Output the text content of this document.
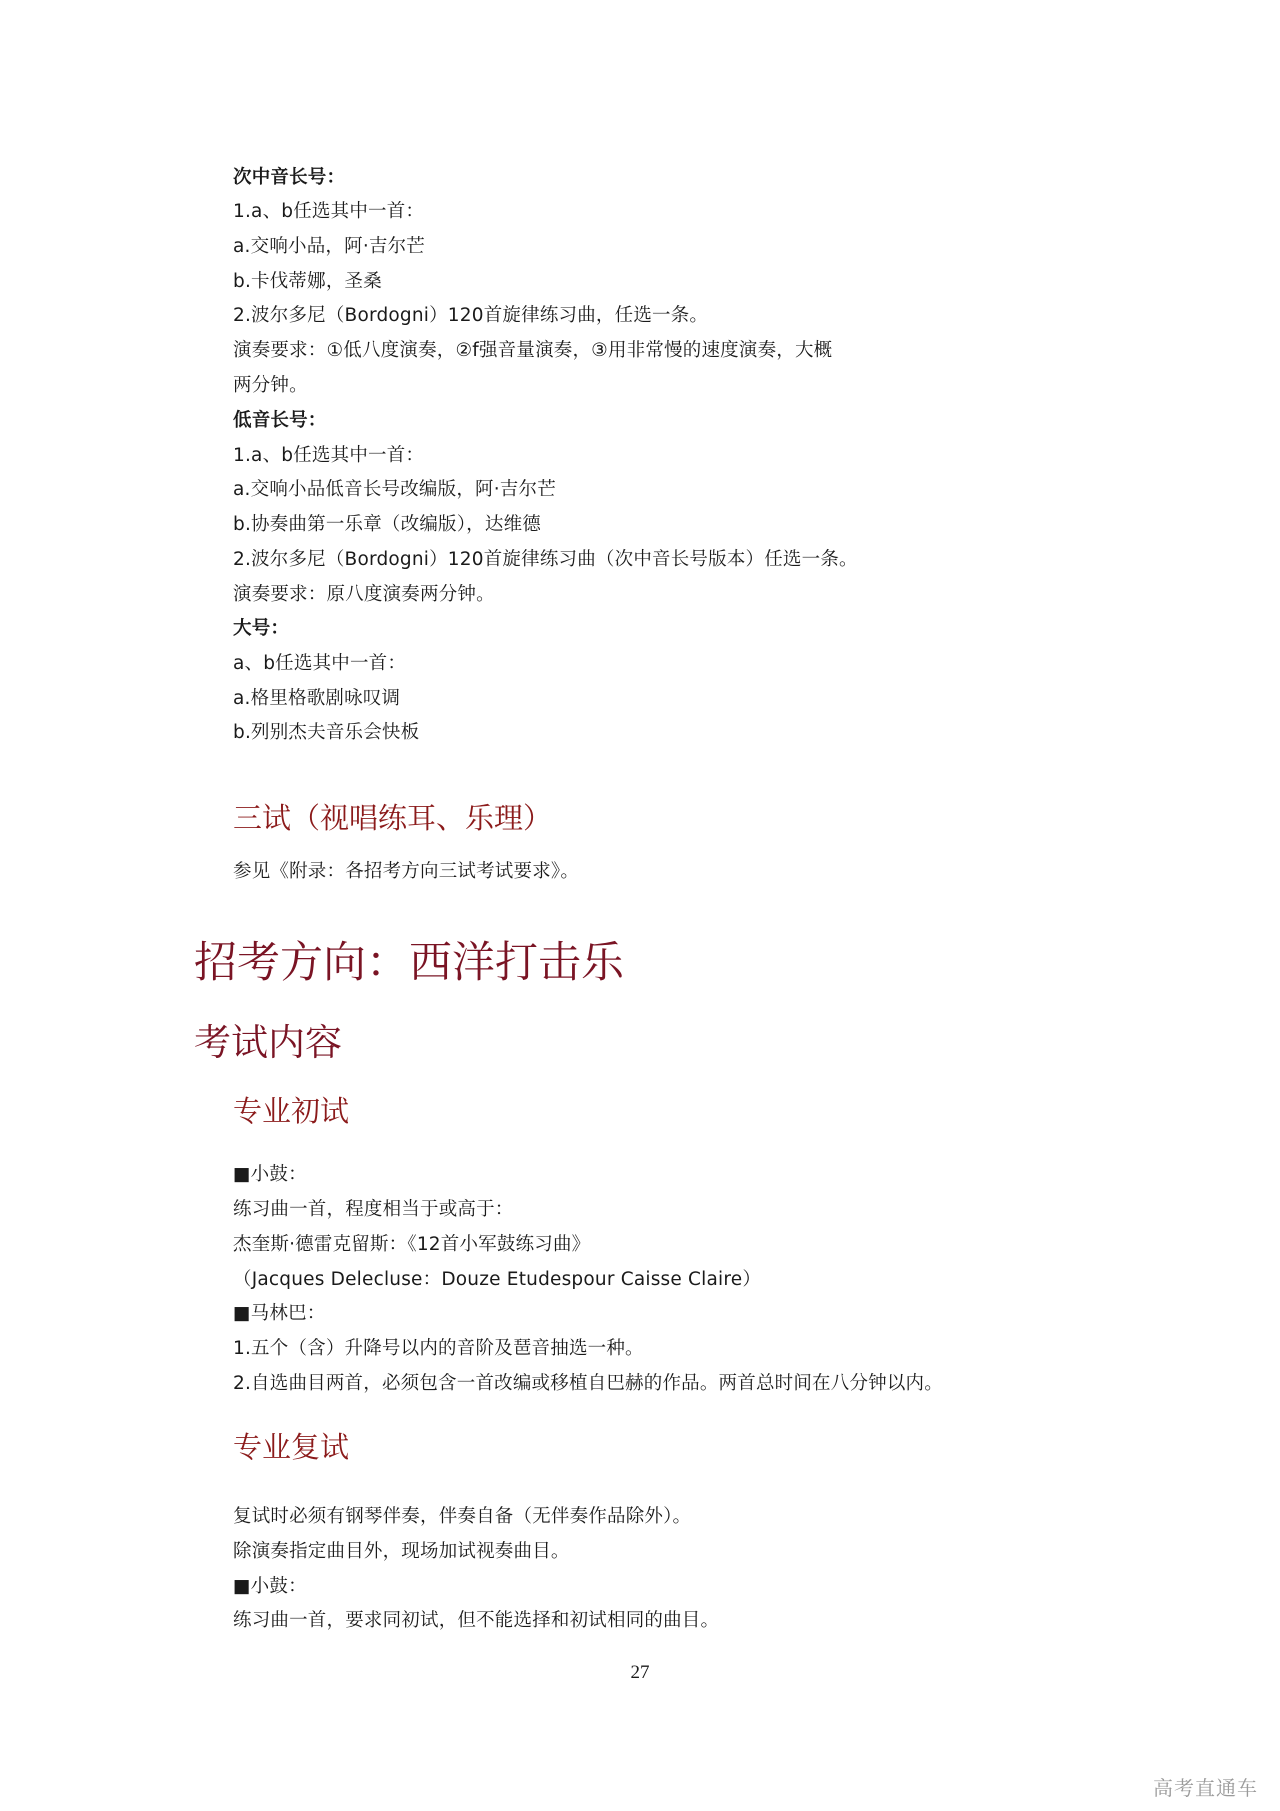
次中音长号：
1.a、b任选其中一首：
a.交响小品，阿·吉尔芒
b.卡伐蒂娜，圣桑
2.波尔多尼（Bordogni）120首旋律练习曲，任选一条。
演奏要求：①低八度演奏，②f强音量演奏，③用非常慢的速度演奏，大概
两分钟。
低音长号：
1.a、b任选其中一首：
a.交响小品低音长号改编版，阿·吉尔芒
b.协奏曲第一乐章（改编版），达维德
2.波尔多尼（Bordogni）120首旋律练习曲（次中音长号版本）任选一条。
演奏要求：原八度演奏两分钟。
大号：
a、b任选其中一首：
a.格里格歌剧咏叹调
b.列别杰夫音乐会快板
三试（视唱练耳、乐理）
参见《附录：各招考方向三试考试要求》。
招考方向：西洋打击乐
考试内容
专业初试
■小鼓：
练习曲一首，程度相当于或高于：
杰奎斯·德雷克留斯：《12首小军鼓练习曲》
（Jacques Delecluse：Douze Etudespour Caisse Claire）
■马林巴：
1.五个（含）升降号以内的音阶及琶音抽选一种。
2.自选曲目两首，必须包含一首改编或移植自巴赫的作品。两首总时间在八分钟以内。
专业复试
复试时必须有钢琴伴奏，伴奏自备（无伴奏作品除外）。
除演奏指定曲目外，现场加试视奏曲目。
■小鼓：
练习曲一首，要求同初试，但不能选择和初试相同的曲目。
27
高考直通车
